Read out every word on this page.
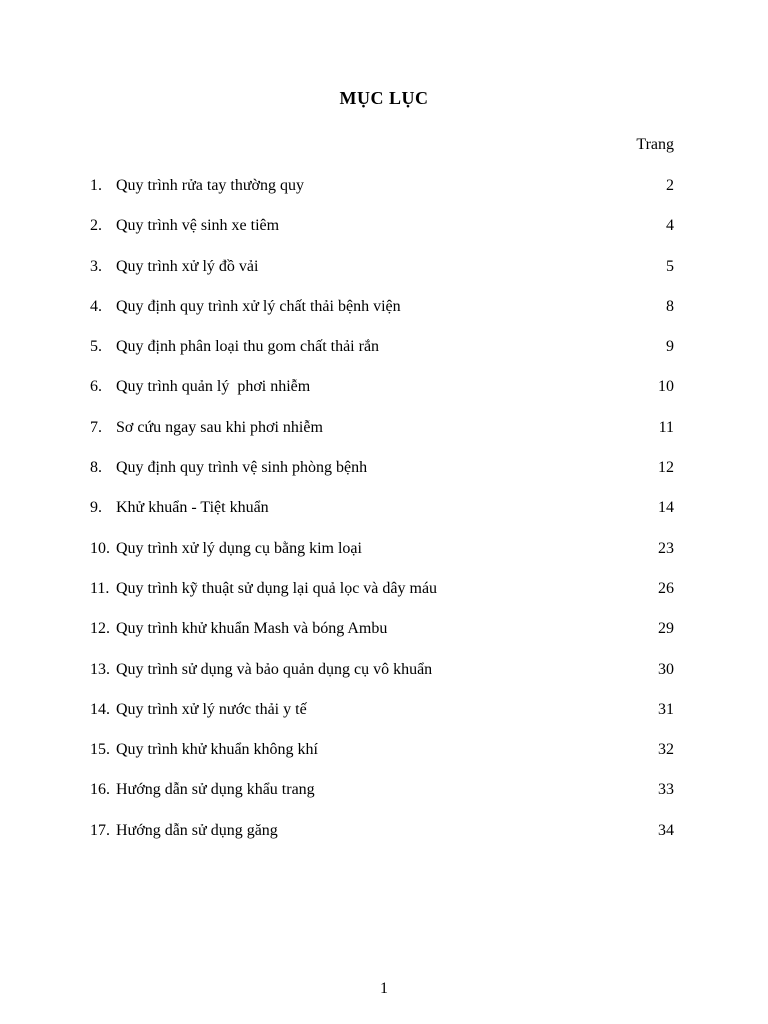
MỤC LỤC
Trang
1. Quy trình rửa tay thường quy	2
2. Quy trình vệ sinh xe tiêm	4
3. Quy trình xử lý đồ vải	5
4. Quy định quy trình xử lý chất thải bệnh viện	8
5. Quy định phân loại thu gom chất thải rắn	9
6. Quy trình quản lý  phơi nhiễm	10
7. Sơ cứu ngay sau khi phơi nhiễm	11
8. Quy định quy trình vệ sinh phòng bệnh	12
9. Khử khuẩn - Tiệt khuẩn	14
10. Quy trình xử lý dụng cụ bằng kim loại	23
11. Quy trình kỹ thuật sử dụng lại quả lọc và dây máu	26
12. Quy trình khử khuẩn Mash và bóng Ambu	29
13. Quy trình sử dụng và bảo quản dụng cụ vô khuẩn	30
14. Quy trình xử lý nước thải y tế	31
15. Quy trình khử khuẩn không khí	32
16. Hướng dẫn sử dụng khẩu trang	33
17. Hướng dẫn sử dụng găng	34
1
